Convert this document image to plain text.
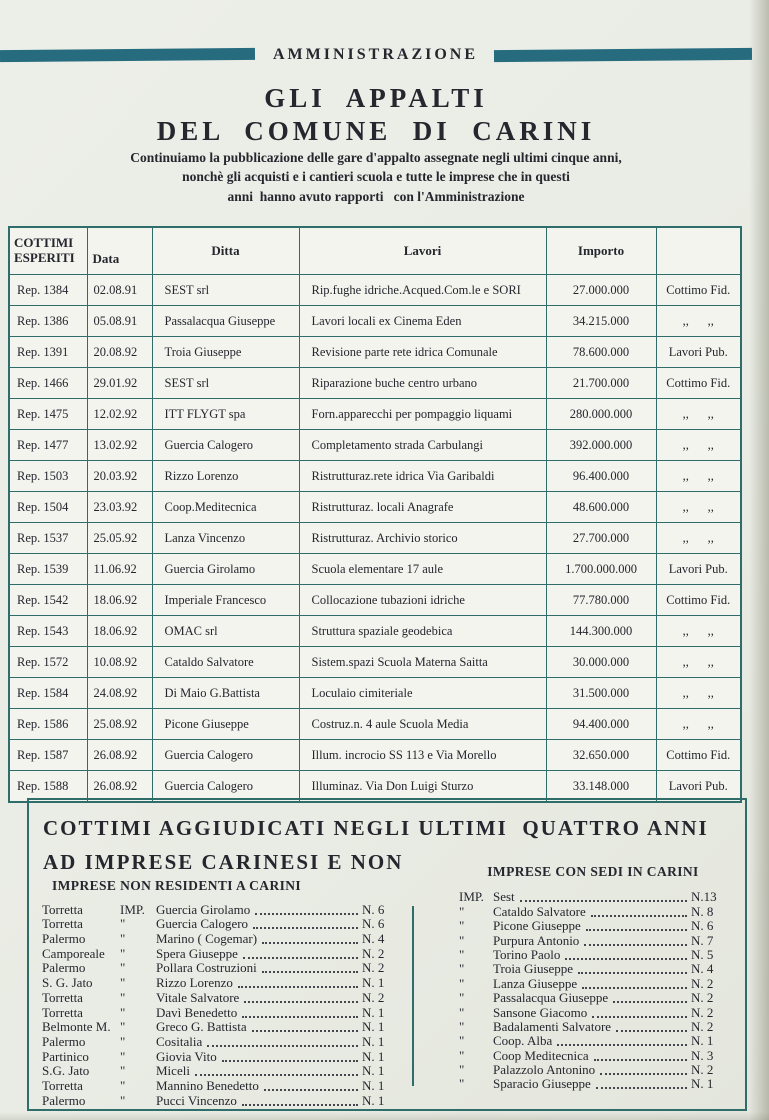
AMMINISTRAZIONE
GLI  APPALTI
DEL  COMUNE  DI  CARINI
Continuiamo la pubblicazione delle gare d'appalto assegnate negli ultimi cinque anni,
nonchè gli acquisti e i cantieri scuola e tutte le imprese che in questi
anni  hanno avuto rapporti   con l'Amministrazione
COTTIMI
ESPERITI	Data	Ditta	Lavori	Importo	
Rep. 1384	02.08.91	SEST srl	Rip.fughe idriche.Acqued.Com.le e SORI	27.000.000	Cottimo Fid.
Rep. 1386	05.08.91	Passalacqua Giuseppe	Lavori locali ex Cinema Eden	34.215.000	,,      ,,
Rep. 1391	20.08.92	Troia Giuseppe	Revisione parte rete idrica Comunale	78.600.000	Lavori Pub.
Rep. 1466	29.01.92	SEST srl	Riparazione buche centro urbano	21.700.000	Cottimo Fid.
Rep. 1475	12.02.92	ITT FLYGT spa	Forn.apparecchi per pompaggio liquami	280.000.000	,,      ,,
Rep. 1477	13.02.92	Guercia Calogero	Completamento strada Carbulangi	392.000.000	,,      ,,
Rep. 1503	20.03.92	Rizzo Lorenzo	Ristrutturaz.rete idrica Via Garibaldi	96.400.000	,,      ,,
Rep. 1504	23.03.92	Coop.Meditecnica	Ristrutturaz. locali Anagrafe	48.600.000	,,      ,,
Rep. 1537	25.05.92	Lanza Vincenzo	Ristrutturaz. Archivio storico	27.700.000	,,      ,,
Rep. 1539	11.06.92	Guercia Girolamo	Scuola elementare 17 aule	1.700.000.000	Lavori Pub.
Rep. 1542	18.06.92	Imperiale Francesco	Collocazione tubazioni idriche	77.780.000	Cottimo Fid.
Rep. 1543	18.06.92	OMAC srl	Struttura spaziale geodebica	144.300.000	,,      ,,
Rep. 1572	10.08.92	Cataldo Salvatore	Sistem.spazi Scuola Materna Saitta	30.000.000	,,      ,,
Rep. 1584	24.08.92	Di Maio G.Battista	Loculaio cimiteriale	31.500.000	,,      ,,
Rep. 1586	25.08.92	Picone Giuseppe	Costruz.n. 4 aule Scuola Media	94.400.000	,,      ,,
Rep. 1587	26.08.92	Guercia Calogero	Illum. incrocio SS 113 e Via Morello	32.650.000	Cottimo Fid.
Rep. 1588	26.08.92	Guercia Calogero	Illuminaz. Via Don Luigi Sturzo	33.148.000	Lavori Pub.
COTTIMI AGGIUDICATI NEGLI ULTIMI  QUATTRO ANNI
AD IMPRESE CARINESI E NON
IMPRESE NON RESIDENTI A CARINI
Torretta	IMP. Guercia Girolamo	N. 6
Torretta	"	Guercia Calogero	N. 6
Palermo	"	Marino ( Cogemar)	N. 4
Camporeale	"	Spera Giuseppe	N. 2
Palermo	"	Pollara Costruzioni	N. 2
S. G. Jato	"	Rizzo Lorenzo	N. 1
Torretta	"	Vitale Salvatore	N. 2
Torretta	"	Davì Benedetto	N. 1
Belmonte M. "	Greco G. Battista	N. 1
Palermo	"	Cositalia	N. 1
Partinico	"	Giovia Vito	N. 1
S.G. Jato	"	Miceli	N. 1
Torretta	"	Mannino Benedetto	N. 1
Palermo	"	Pucci Vincenzo	N. 1
IMPRESE CON SEDI IN CARINI
IMP. Sest	N.13
"	Cataldo Salvatore	N. 8
"	Picone Giuseppe	N. 6
"	Purpura Antonio	N. 7
"	Torino Paolo	N. 5
"	Troia Giuseppe	N. 4
"	Lanza Giuseppe	N. 2
"	Passalacqua Giuseppe	N. 2
"	Sansone Giacomo	N. 2
"	Badalamenti Salvatore	N. 2
"	Coop. Alba	N. 1
"	Coop Meditecnica	N. 3
"	Palazzolo Antonino	N. 2
"	Sparacio Giuseppe	N. 1
